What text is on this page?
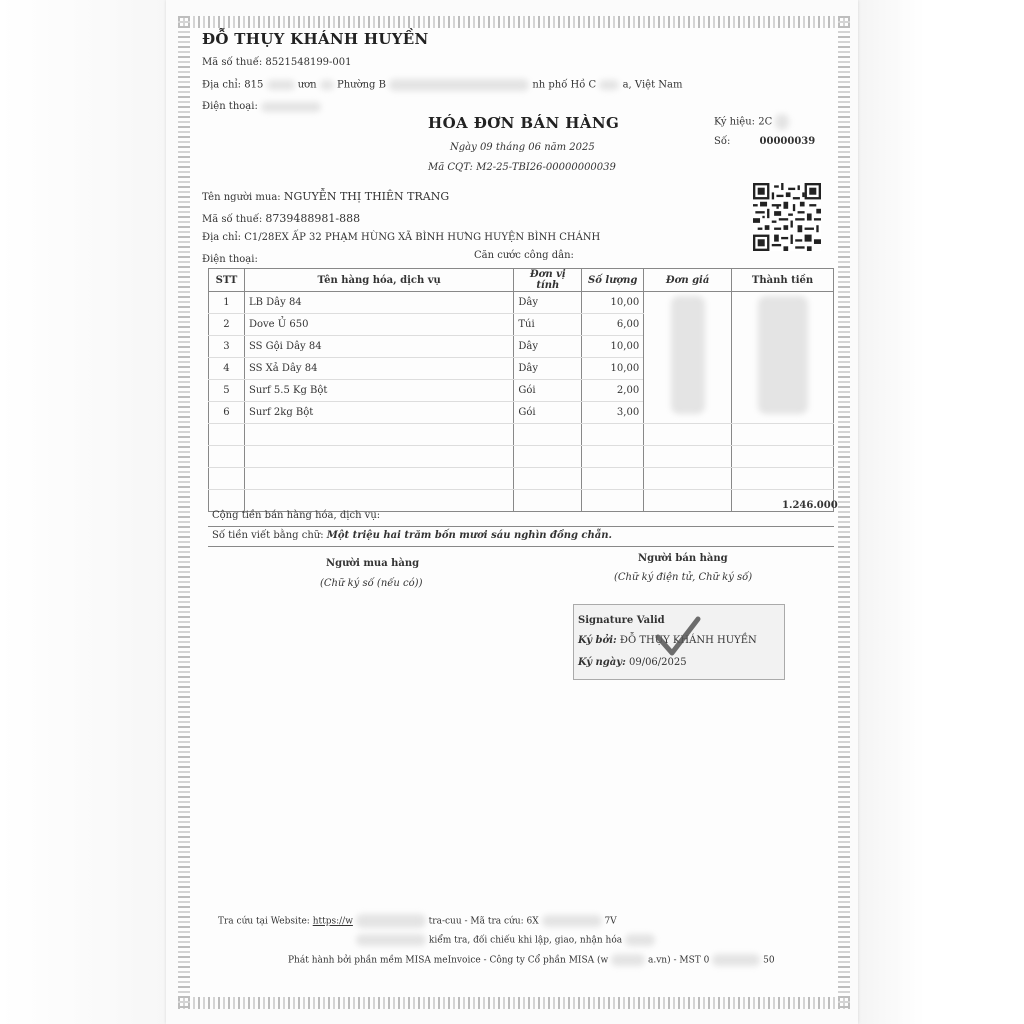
ĐỖ THỤY KHÁNH HUYỀN
Mã số thuế: 8521548199-001
Địa chỉ: 815	ươn Phường B	nh phố Hồ C	a, Việt Nam
Điện thoại:
HÓA ĐƠN BÁN HÀNG
Ngày 09 tháng 06 năm 2025
Mã CQT: M2-25-TBI26-00000000039
Ký hiệu: 2C
Số:	00000039
Tên người mua: NGUYỄN THỊ THIÊN TRANG
Mã số thuế: 8739488981-888
Địa chỉ: C1/28EX ẤP 32 PHẠM HÙNG XÃ BÌNH HƯNG HUYỆN BÌNH CHÁNH
Điện thoại:	Căn cước công dân:
STT	Tên hàng hóa, dịch vụ	Đơn vị tính	Số lượng	Đơn giá	Thành tiền
1	LB Dây 84	Dây	10,00		
2	Dove Ủ 650	Túi	6,00		
3	SS Gội Dây 84	Dây	10,00		
4	SS Xả Dây 84	Dây	10,00		
5	Surf 5.5 Kg Bột	Gói	2,00		
6	Surf 2kg Bột	Gói	3,00		

Cộng tiền bán hàng hóa, dịch vụ:
1.246.000
Số tiền viết bằng chữ: Một triệu hai trăm bốn mươi sáu nghìn đồng chẵn.
Người mua hàng
(Chữ ký số (nếu có))
Người bán hàng
(Chữ ký điện tử, Chữ ký số)
Signature Valid
Ký bởi: ĐỖ THỤY KHÁNH HUYỀN
Ký ngày: 09/06/2025
Tra cứu tại Website: https://w	tra-cuu - Mã tra cứu: 6X	7V
kiểm tra, đối chiếu khi lập, giao, nhận hóa
Phát hành bởi phần mềm MISA meInvoice - Công ty Cổ phần MISA (w	a.vn) - MST 0	50
